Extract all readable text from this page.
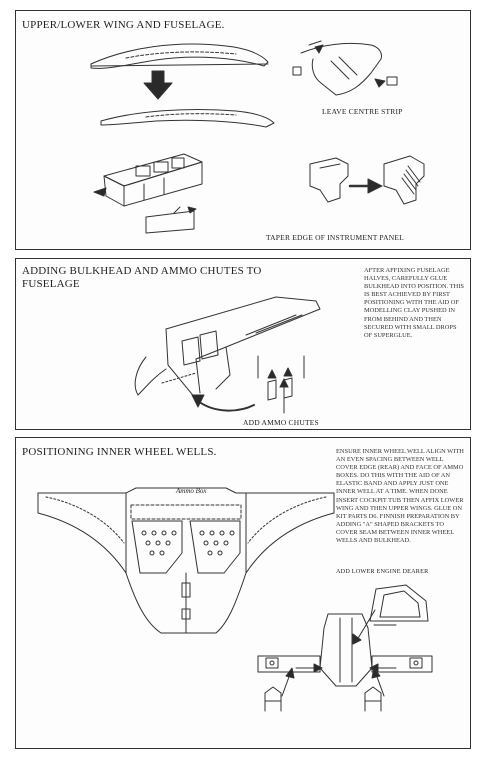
UPPER/LOWER WING AND FUSELAGE.
LEAVE CENTRE STRIP
TAPER EDGE OF INSTRUMENT PANEL
ADDING BULKHEAD AND AMMO CHUTES TO FUSELAGE
AFTER AFFIXING FUSELAGE HALVES, CAREFULLY GLUE BULKHEAD INTO POSITION. THIS IS BEST ACHIEVED BY FIRST POSITIONING WITH THE AID OF MODELLING CLAY PUSHED IN FROM BEHIND AND THEN SECURED WITH SMALL DROPS OF SUPERGLUE.
ADD AMMO CHUTES
POSITIONING INNER WHEEL WELLS.	ENSURE INNER WHEEL WELL ALIGN WITH AN EVEN SPACING BETWEEN WELL COVER EDGE (REAR) AND FACE OF AMMO BOXES. DO THIS WITH THE AID OF AN ELASTIC BAND AND APPLY JUST ONE INNER WELL AT A TIME. WHEN DONE INSERT COCKPIT TUB THEN AFFIX LOWER WING AND THEN UPPER WINGS. GLUE ON KIT PARTS D6. FINNISH PREPARATION BY ADDING "A" SHAPED BRACKETS TO COVER SEAM BETWEEN INNER WHEEL WELLS AND BULKHEAD.
Ammo Box
ADD LOWER ENGINE DEARER
